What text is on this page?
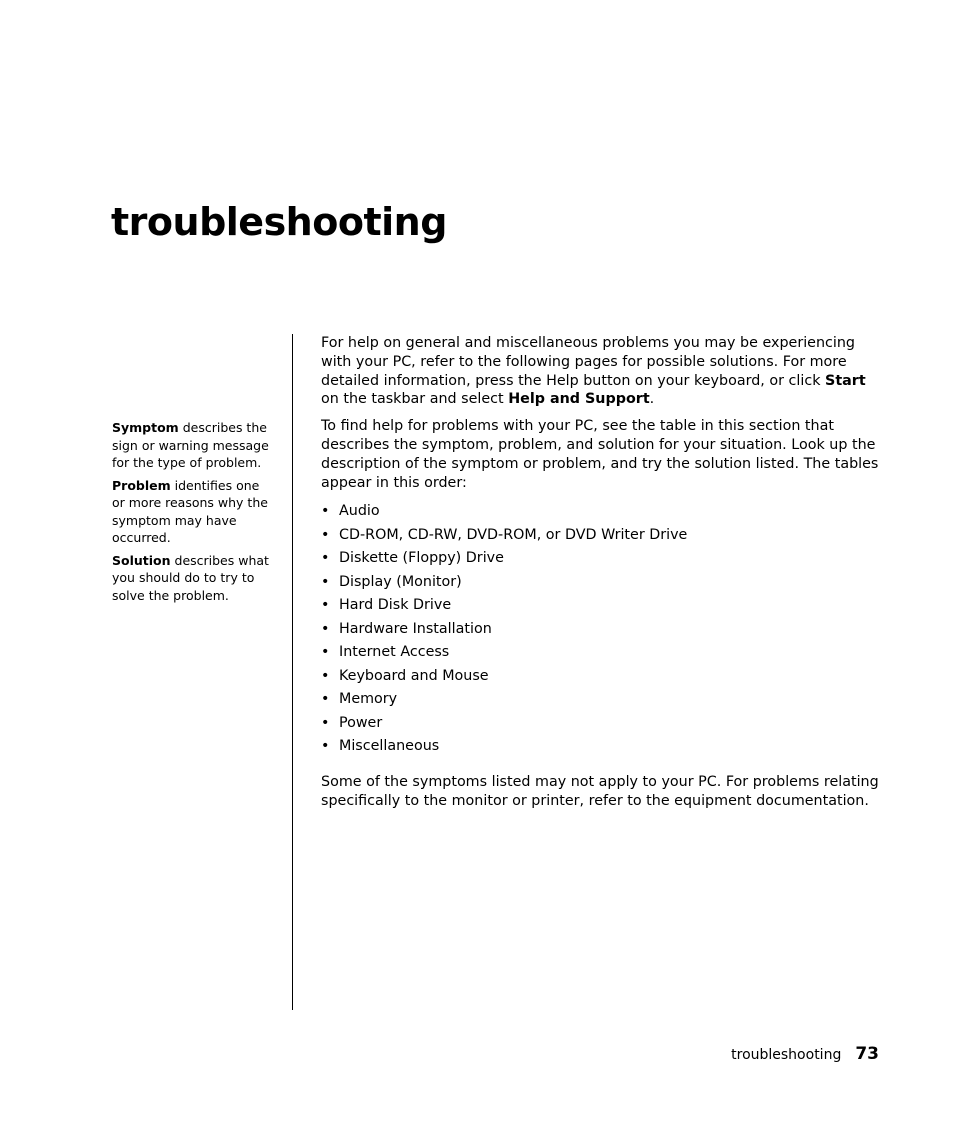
troubleshooting

Symptom describes the sign or warning message for the type of problem.

Problem identifies one or more reasons why the symptom may have occurred.

Solution describes what you should do to try to solve the problem.

For help on general and miscellaneous problems you may be experiencing with your PC, refer to the following pages for possible solutions. For more detailed information, press the Help button on your keyboard, or click Start on the taskbar and select Help and Support.

To find help for problems with your PC, see the table in this section that describes the symptom, problem, and solution for your situation. Look up the description of the symptom or problem, and try the solution listed. The tables appear in this order:

• Audio
• CD-ROM, CD-RW, DVD-ROM, or DVD Writer Drive
• Diskette (Floppy) Drive
• Display (Monitor)
• Hard Disk Drive
• Hardware Installation
• Internet Access
• Keyboard and Mouse
• Memory
• Power
• Miscellaneous

Some of the symptoms listed may not apply to your PC. For problems relating specifically to the monitor or printer, refer to the equipment documentation.

troubleshooting 73
